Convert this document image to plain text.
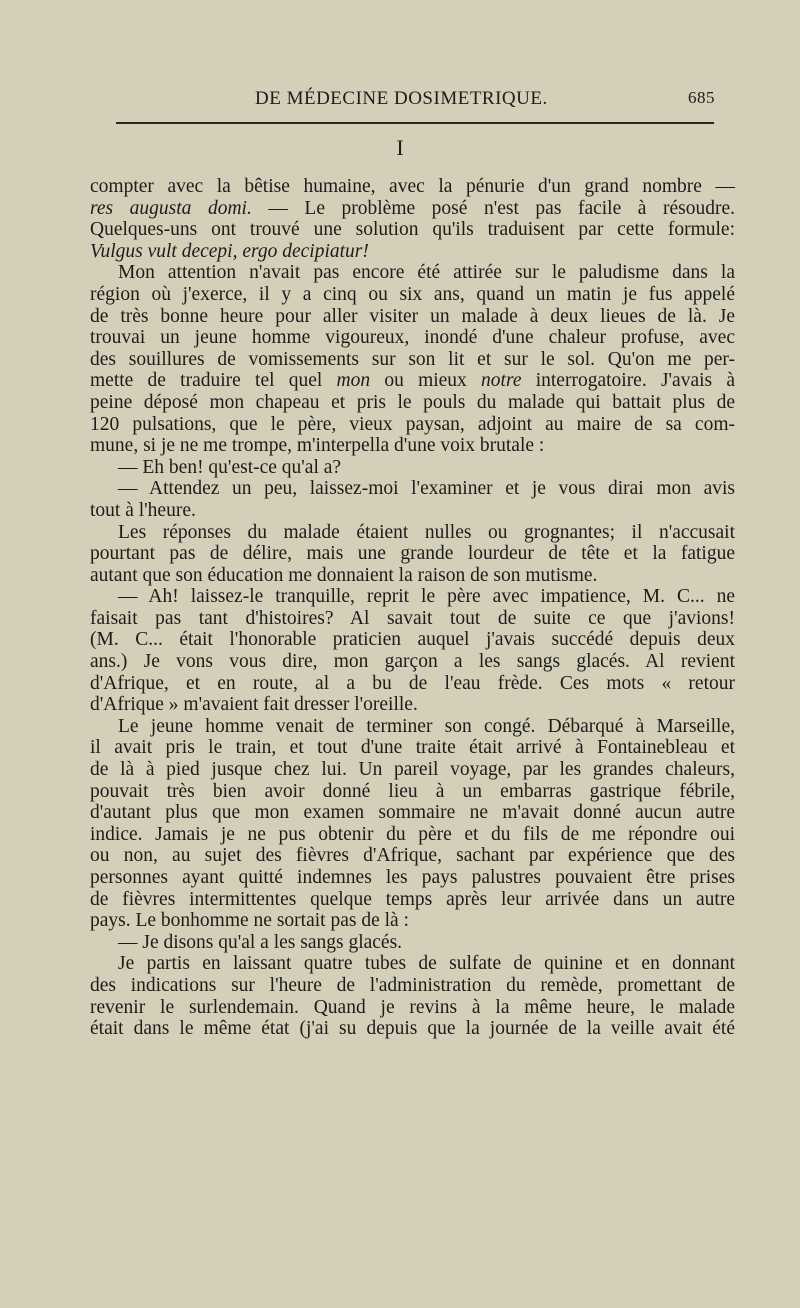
DE MÉDECINE DOSIMETRIQUE.	685
I
compter avec la bêtise humaine, avec la pénurie d'un grand nombre —
res augusta domi. — Le problème posé n'est pas facile à résoudre.
Quelques-uns ont trouvé une solution qu'ils traduisent par cette formule:
Vulgus vult decepi, ergo decipiatur!
Mon attention n'avait pas encore été attirée sur le paludisme dans la
région où j'exerce, il y a cinq ou six ans, quand un matin je fus appelé
de très bonne heure pour aller visiter un malade à deux lieues de là. Je
trouvai un jeune homme vigoureux, inondé d'une chaleur profuse, avec
des souillures de vomissements sur son lit et sur le sol. Qu'on me per-
mette de traduire tel quel mon ou mieux notre interrogatoire. J'avais à
peine déposé mon chapeau et pris le pouls du malade qui battait plus de
120 pulsations, que le père, vieux paysan, adjoint au maire de sa com-
mune, si je ne me trompe, m'interpella d'une voix brutale :
— Eh ben! qu'est-ce qu'al a?
— Attendez un peu, laissez-moi l'examiner et je vous dirai mon avis
tout à l'heure.
Les réponses du malade étaient nulles ou grognantes; il n'accusait
pourtant pas de délire, mais une grande lourdeur de tête et la fatigue
autant que son éducation me donnaient la raison de son mutisme.
— Ah! laissez-le tranquille, reprit le père avec impatience, M. C... ne
faisait pas tant d'histoires? Al savait tout de suite ce que j'avions!
(M. C... était l'honorable praticien auquel j'avais succédé depuis deux
ans.) Je vons vous dire, mon garçon a les sangs glacés. Al revient
d'Afrique, et en route, al a bu de l'eau frède. Ces mots « retour
d'Afrique » m'avaient fait dresser l'oreille.
Le jeune homme venait de terminer son congé. Débarqué à Marseille,
il avait pris le train, et tout d'une traite était arrivé à Fontainebleau et
de là à pied jusque chez lui. Un pareil voyage, par les grandes chaleurs,
pouvait très bien avoir donné lieu à un embarras gastrique fébrile,
d'autant plus que mon examen sommaire ne m'avait donné aucun autre
indice. Jamais je ne pus obtenir du père et du fils de me répondre oui
ou non, au sujet des fièvres d'Afrique, sachant par expérience que des
personnes ayant quitté indemnes les pays palustres pouvaient être prises
de fièvres intermittentes quelque temps après leur arrivée dans un autre
pays. Le bonhomme ne sortait pas de là :
— Je disons qu'al a les sangs glacés.
Je partis en laissant quatre tubes de sulfate de quinine et en donnant
des indications sur l'heure de l'administration du remède, promettant de
revenir le surlendemain. Quand je revins à la même heure, le malade
était dans le même état (j'ai su depuis que la journée de la veille avait été
